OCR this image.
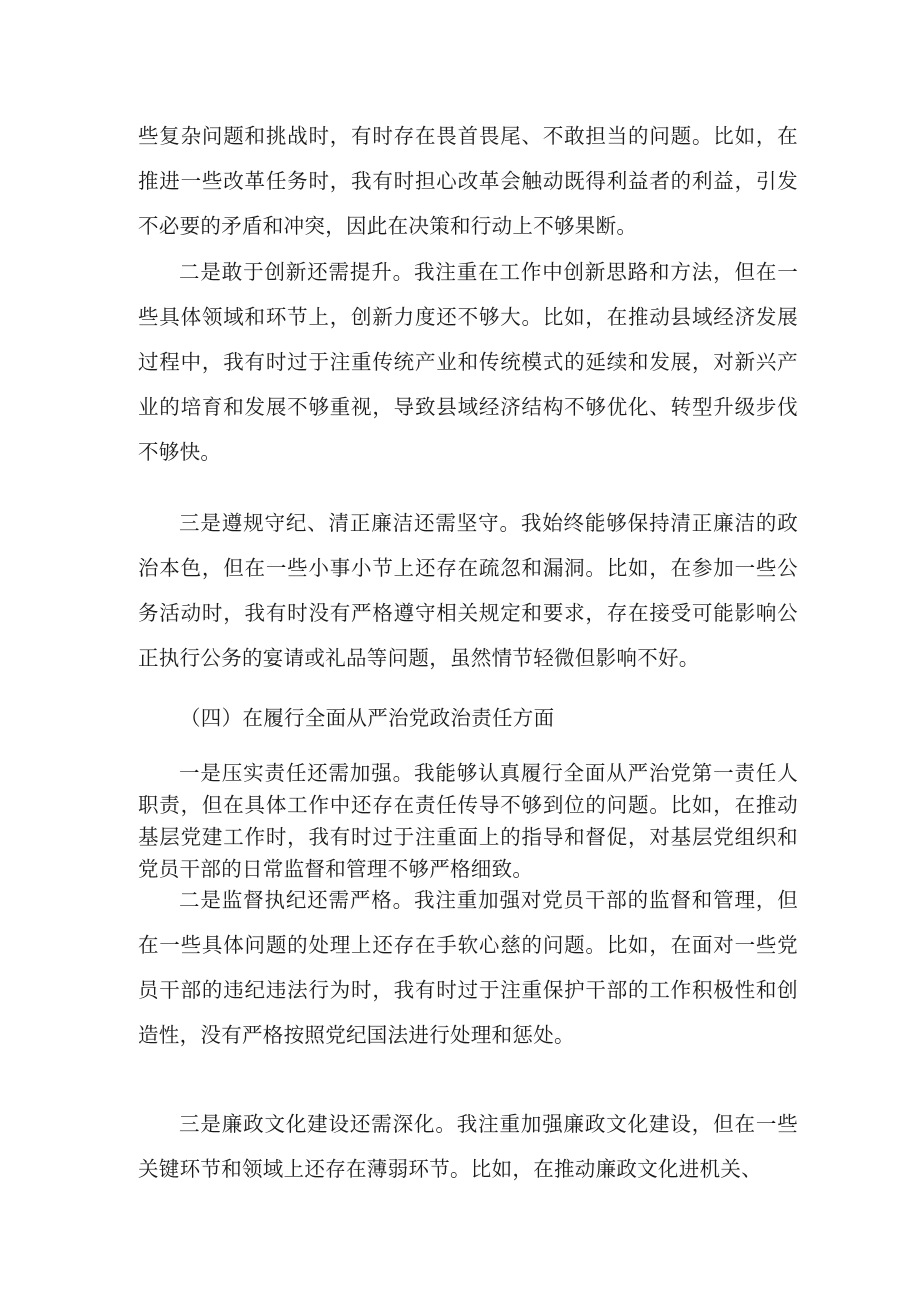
些复杂问题和挑战时，有时存在畏首畏尾、不敢担当的问题。比如，在推进一些改革任务时，我有时担心改革会触动既得利益者的利益，引发不必要的矛盾和冲突，因此在决策和行动上不够果断。

二是敢于创新还需提升。我注重在工作中创新思路和方法，但在一些具体领域和环节上，创新力度还不够大。比如，在推动县域经济发展过程中，我有时过于注重传统产业和传统模式的延续和发展，对新兴产业的培育和发展不够重视，导致县域经济结构不够优化、转型升级步伐不够快。

三是遵规守纪、清正廉洁还需坚守。我始终能够保持清正廉洁的政治本色，但在一些小事小节上还存在疏忽和漏洞。比如，在参加一些公务活动时，我有时没有严格遵守相关规定和要求，存在接受可能影响公正执行公务的宴请或礼品等问题，虽然情节轻微但影响不好。

（四）在履行全面从严治党政治责任方面

一是压实责任还需加强。我能够认真履行全面从严治党第一责任人职责，但在具体工作中还存在责任传导不够到位的问题。比如，在推动基层党建工作时，我有时过于注重面上的指导和督促，对基层党组织和党员干部的日常监督和管理不够严格细致。

二是监督执纪还需严格。我注重加强对党员干部的监督和管理，但在一些具体问题的处理上还存在手软心慈的问题。比如，在面对一些党员干部的违纪违法行为时，我有时过于注重保护干部的工作积极性和创造性，没有严格按照党纪国法进行处理和惩处。

三是廉政文化建设还需深化。我注重加强廉政文化建设，但在一些关键环节和领域上还存在薄弱环节。比如，在推动廉政文化进机关、
